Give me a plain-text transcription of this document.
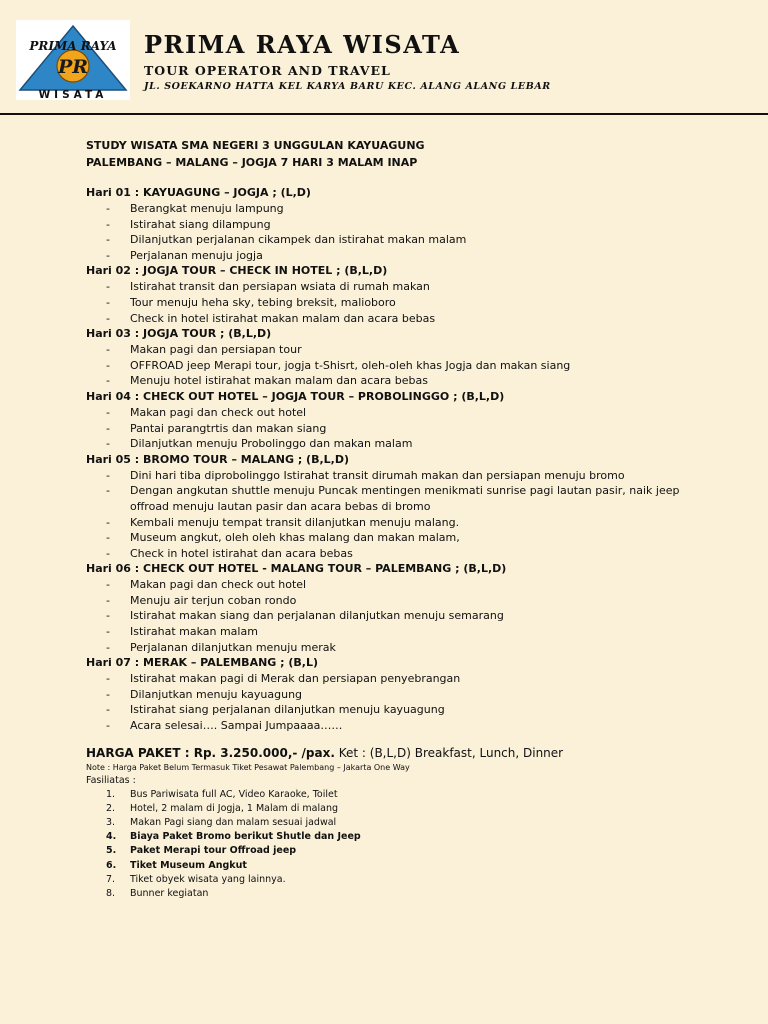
PR
PRIMA RAYA
WISATA
PRIMA RAYA WISATA
TOUR OPERATOR AND TRAVEL
JL. SOEKARNO HATTA KEL KARYA BARU KEC. ALANG ALANG LEBAR
STUDY WISATA SMA NEGERI 3 UNGGULAN KAYUAGUNG
PALEMBANG – MALANG – JOGJA 7 HARI 3 MALAM INAP
Hari 01 : KAYUAGUNG – JOGJA ; (L,D)
-	Berangkat menuju lampung
-	Istirahat siang dilampung
-	Dilanjutkan perjalanan cikampek dan istirahat makan malam
-	Perjalanan menuju jogja
Hari 02 : JOGJA TOUR – CHECK IN HOTEL ; (B,L,D)
-	Istirahat transit dan persiapan wsiata di rumah makan
-	Tour menuju heha sky, tebing breksit, malioboro
-	Check in hotel istirahat makan malam dan acara bebas
Hari 03 : JOGJA TOUR ; (B,L,D)
-	Makan pagi dan persiapan tour
-	OFFROAD jeep Merapi tour, jogja t-Shisrt, oleh-oleh khas Jogja dan makan siang
-	Menuju hotel istirahat makan malam dan acara bebas
Hari 04 : CHECK OUT HOTEL – JOGJA TOUR – PROBOLINGGO ; (B,L,D)
-	Makan pagi dan check out hotel
-	Pantai parangtrtis dan makan siang
-	Dilanjutkan menuju Probolinggo dan makan malam
Hari 05 : BROMO TOUR – MALANG ; (B,L,D)
-	Dini hari tiba diprobolinggo Istirahat transit dirumah makan dan persiapan menuju bromo
-	Dengan angkutan shuttle menuju Puncak mentingen menikmati sunrise pagi lautan pasir, naik jeep offroad menuju lautan pasir dan acara bebas di bromo
-	Kembali menuju tempat transit dilanjutkan menuju malang.
-	Museum angkut, oleh oleh khas malang dan makan malam,
-	Check in hotel istirahat dan acara bebas
Hari 06 : CHECK OUT HOTEL - MALANG TOUR – PALEMBANG ; (B,L,D)
-	Makan pagi dan check out hotel
-	Menuju air terjun coban rondo
-	Istirahat makan siang dan perjalanan dilanjutkan menuju semarang
-	Istirahat makan malam
-	Perjalanan dilanjutkan menuju merak
Hari 07 : MERAK – PALEMBANG ; (B,L)
-	Istirahat makan pagi di Merak dan persiapan penyebrangan
-	Dilanjutkan menuju kayuagung
-	Istirahat siang perjalanan dilanjutkan menuju kayuagung
-	Acara selesai…. Sampai Jumpaaaa……
HARGA PAKET : Rp. 3.250.000,- /pax. Ket : (B,L,D) Breakfast, Lunch, Dinner
Note : Harga Paket Belum Termasuk Tiket Pesawat Palembang – Jakarta One Way
Fasiliatas :
1.	Bus Pariwisata full AC, Video Karaoke, Toilet
2.	Hotel, 2 malam di Jogja, 1 Malam di malang
3.	Makan Pagi siang dan malam sesuai jadwal
4.	Biaya Paket Bromo berikut Shutle dan Jeep
5.	Paket Merapi tour Offroad jeep
6.	Tiket Museum Angkut
7.	Tiket obyek wisata yang lainnya.
8.	Bunner kegiatan
